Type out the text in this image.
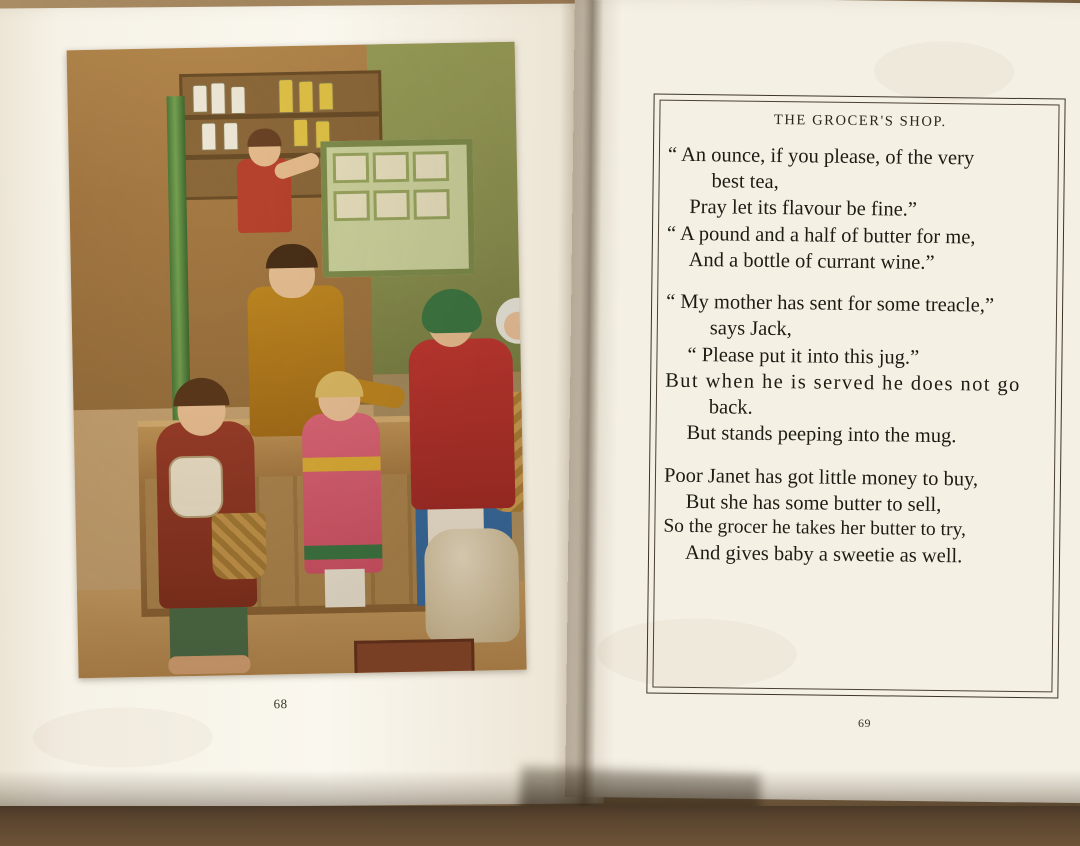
68
THE GROCER'S SHOP.
“ An ounce, if you please, of the very
best tea,
Pray let its flavour be fine.”
“ A pound and a half of butter for me,
And a bottle of currant wine.”
“ My mother has sent for some treacle,”
says Jack,
“ Please put it into this jug.”
But when he is served he does not go
back.
But stands peeping into the mug.
Poor Janet has got little money to buy,
But she has some butter to sell,
So the grocer he takes her butter to try,
And gives baby a sweetie as well.
69
